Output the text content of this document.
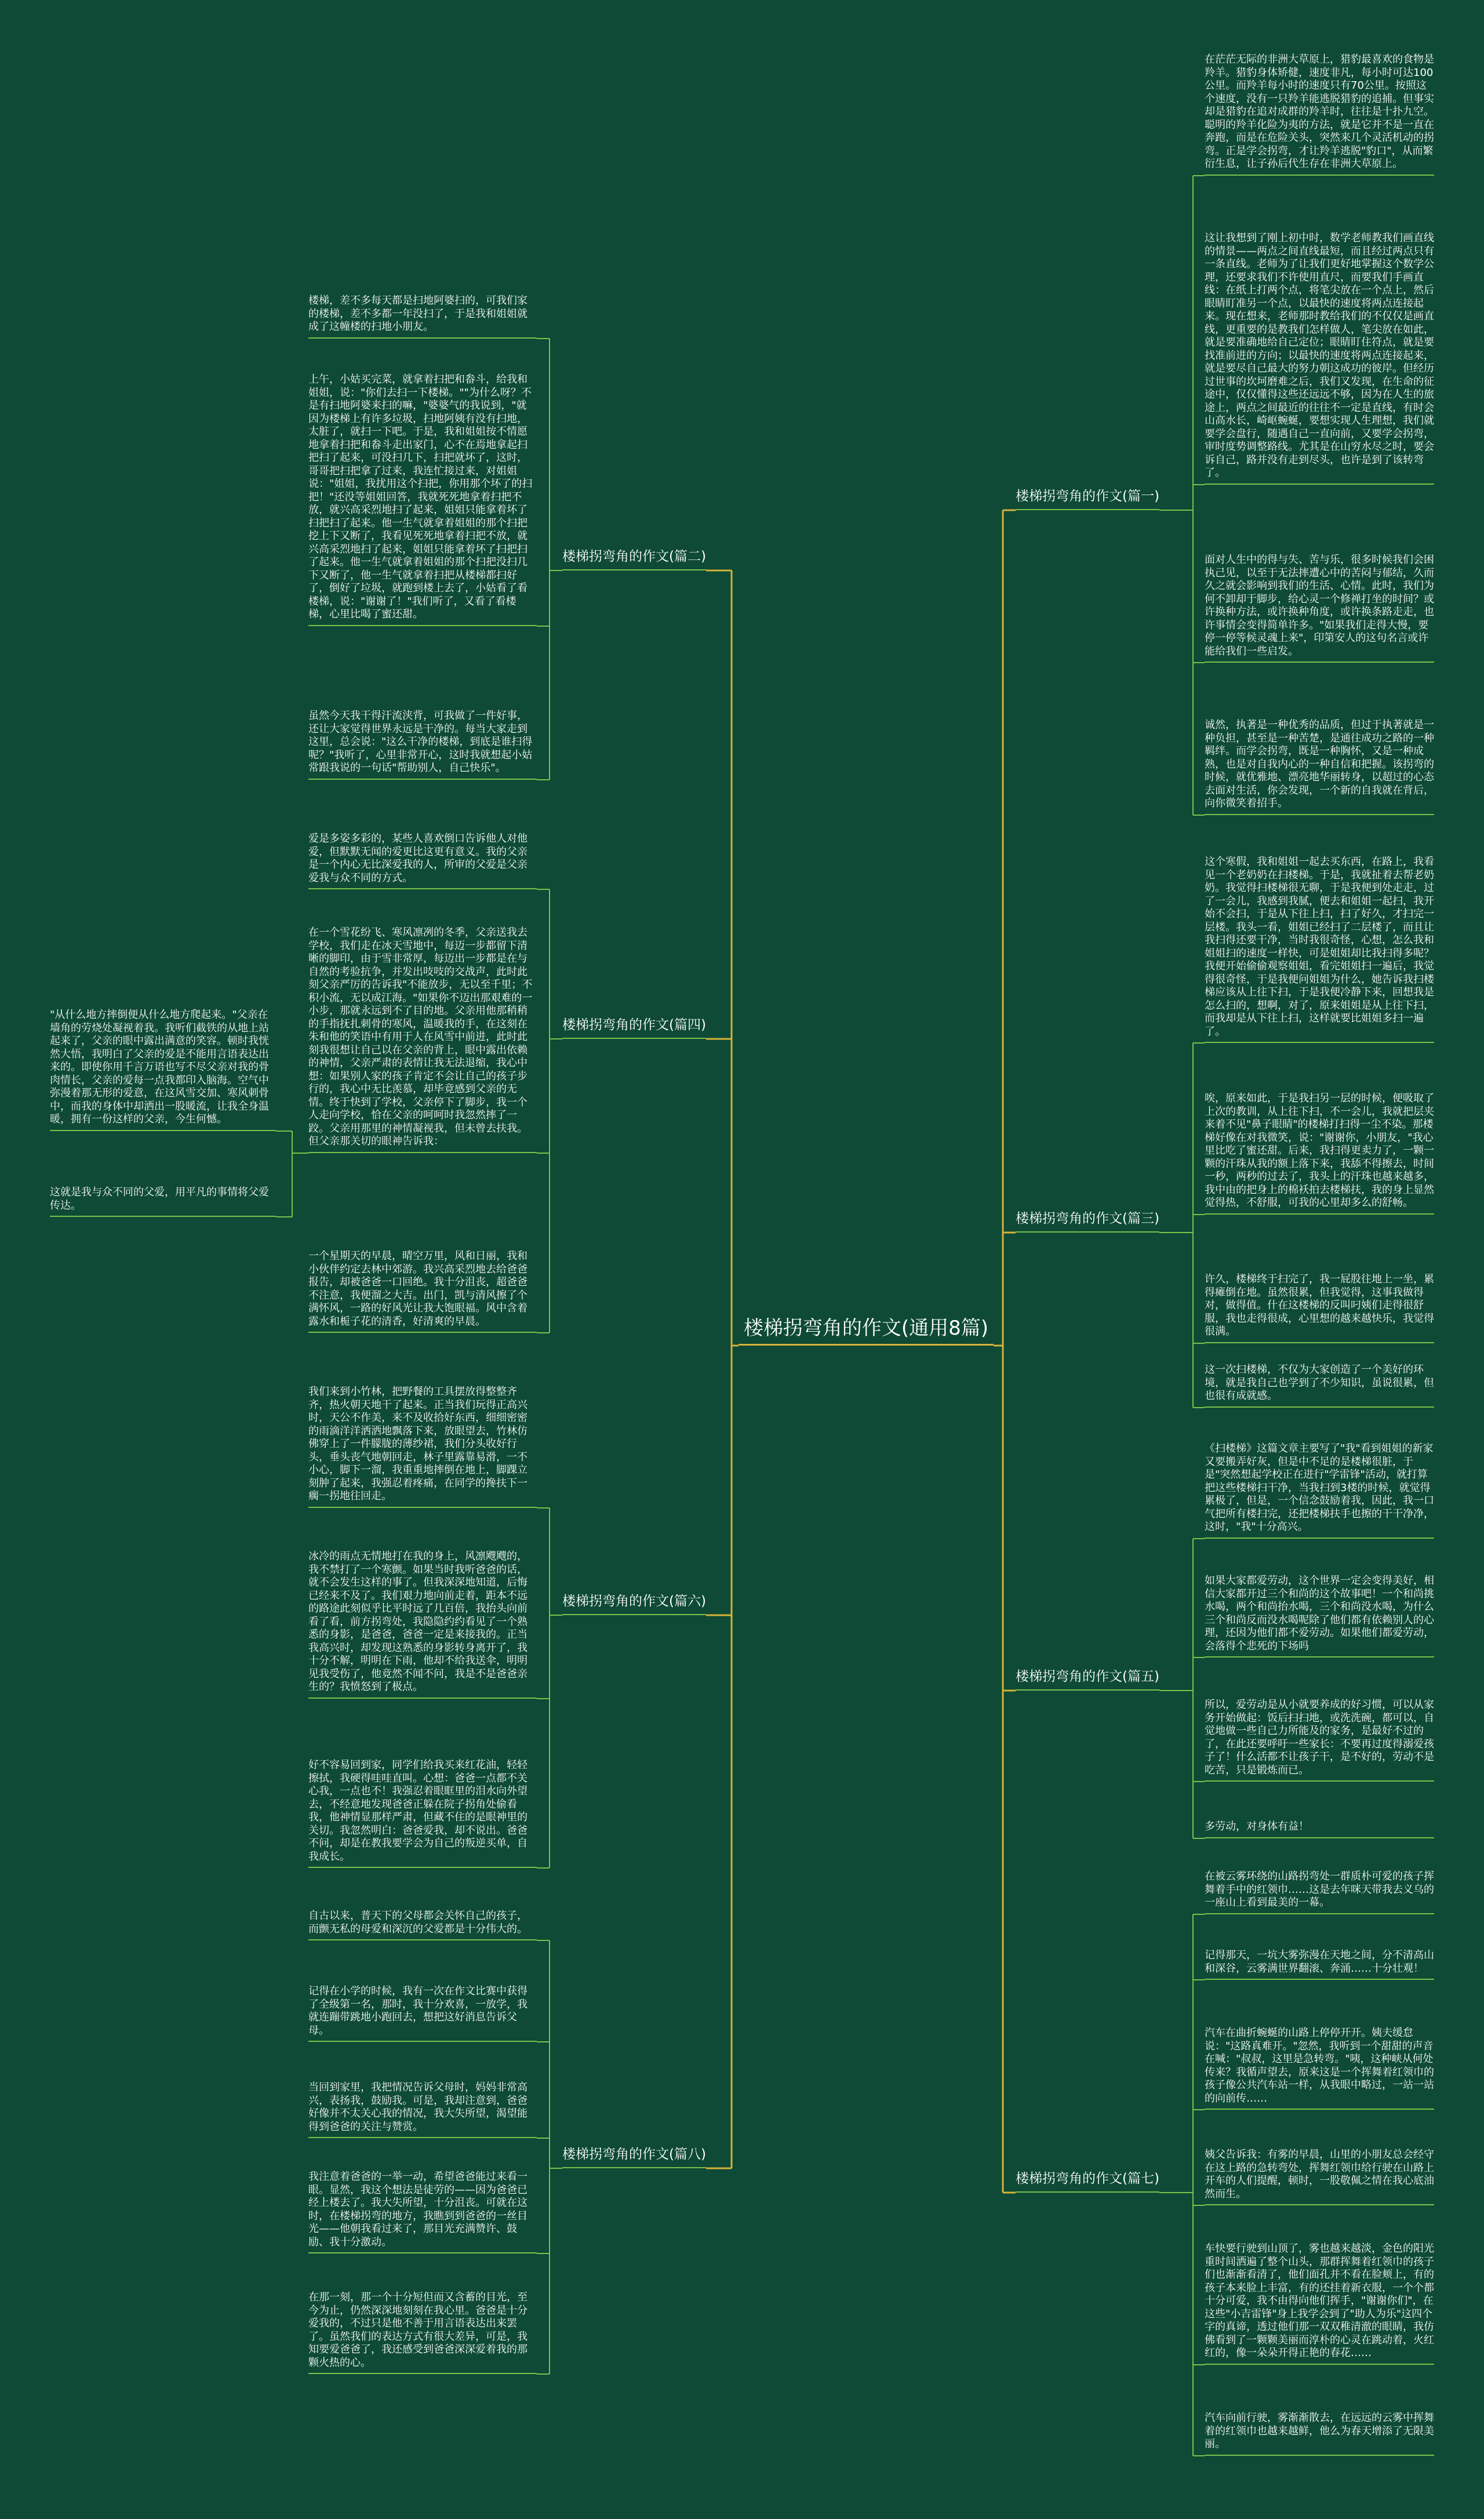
楼梯拐弯角的作文(通用8篇)
楼梯拐弯角的作文(篇一)
楼梯拐弯角的作文(篇三)
楼梯拐弯角的作文(篇五)
楼梯拐弯角的作文(篇七)
在茫茫无际的非洲大草原上，猎豹最喜欢的食物是羚羊。猎豹身体矫健，速度非凡，每小时可达100公里。而羚羊每小时的速度只有70公里。按照这个速度，没有一只羚羊能逃脱猎豹的追捕。但事实却是猎豹在追对成群的羚羊时，往往是十扑九空。聪明的羚羊化险为夷的方法，就是它并不是一直在奔跑，而是在危险关头，突然来几个灵活机动的拐弯。正是学会拐弯，才让羚羊逃脱"豹口"，从而繁衍生息，让子孙后代生存在非洲大草原上。
这让我想到了刚上初中时，数学老师教我们画直线的情景——两点之间直线最短，而且经过两点只有一条直线。老师为了让我们更好地掌握这个数学公理，还要求我们不许使用直尺，而要我们手画直线：在纸上打两个点，将笔尖放在一个点上，然后眼睛盯准另一个点，以最快的速度将两点连接起来。现在想来，老师那时教给我们的不仅仅是画直线，更重要的是教我们怎样做人，笔尖放在如此，就是要准确地给自己定位；眼睛盯住符点，就是要找准前进的方向；以最快的速度将两点连接起来，就是要尽自己最大的努力朝这成功的彼岸。但经历过世事的坎坷磨难之后，我们又发现，在生命的征途中，仅仅懂得这些还远远不够，因为在人生的旅途上，两点之间最近的往往不一定是直线，有时会山高水长，崎岖蜿蜒，要想实现人生理想，我们就要学会盘行，随遇自己一直向前，又要学会拐弯，审时度势调整路线。尤其是在山穷水尽之时，要会诉自己，路并没有走到尽头，也许是到了该转弯了。
面对人生中的得与失、苦与乐，很多时候我们会困执己见，以至于无法摔遭心中的苦闷与郁结，久而久之就会影响到我们的生活、心情。此时，我们为何不卸却于脚步，给心灵一个修禅打坐的时间？或许换种方法，或许换种角度，或许换条路走走，也许事情会变得简单许多。"如果我们走得大慢，要停一停等候灵魂上来"，印第安人的这句名言或许能给我们一些启发。
诚然，执著是一种优秀的品质，但过于执著就是一种负担，甚至是一种苦楚，是通往成功之路的一种羁绊。而学会拐弯，既是一种胸怀，又是一种成熟，也是对自我内心的一种自信和把握。该拐弯的时候，就优雅地、漂亮地华丽转身，以超过的心态去面对生活，你会发现，一个新的自我就在背后，向你微笑着招手。
这个寒假，我和姐姐一起去买东西，在路上，我看见一个老奶奶在扫楼梯。于是，我就扯着去帮老奶奶。我觉得扫楼梯很无聊，于是我便到处走走，过了一会儿，我感到我腻，便去和姐姐一起扫，我开始不会扫，于是从下往上扫，扫了好久，才扫完一层楼。我头一看，姐姐已经扫了二层楼了，而且让我扫得还要干净，当时我很奇怪，心想，怎么我和姐姐扫的速度一样快，可是姐姐却比我扫得多呢？我便开始偷偷观察姐姐，看完姐姐扫一遍后，我觉得很奇怪，于是我便问姐姐为什么，她告诉我扫楼梯应该从上往下扫，于是我便冷静下来，回想我是怎么扫的，想啊，对了，原来姐姐是从上往下扫，而我却是从下往上扫，这样就要比姐姐多扫一遍了。
唉，原来如此，于是我扫另一层的时候，便吸取了上次的教训，从上往下扫，不一会儿，我就把层夹来着不见"鼻子眼睛"的楼梯打扫得一尘不染。那楼梯好像在对我微笑，说："谢谢你，小朋友，"我心里比吃了蜜还甜。后来，我扫得更卖力了，一颗一颗的汗珠从我的额上落下来，我舔不得擦去，时间一秒，两秒的过去了，我头上的汗珠也越来越多，我中由的把身上的棉袄拍去楼梯扶，我的身上显然觉得热，不舒服，可我的心里却多么的舒畅。
许久，楼梯终于扫完了，我一屁股往地上一坐，累得瘫倒在地。虽然很累，但我觉得，这事我做得对，做得值。什在这楼梯的反叫叼姨们走得很舒服，我也走得很成，心里想的越来越快乐，我觉得很满。
这一次扫楼梯，不仅为大家创造了一个美好的环境，就是我自己也学到了不少知识，虽说很累，但也很有成就感。
《扫楼梯》这篇文章主要写了"我"看到姐姐的新家又要搬弄好灰，但是中不足的是楼梯很脏，于是"突然想起学校正在进行"学雷锋"活动，就打算把这些楼梯扫干净，当我扫到3楼的时候，就觉得累极了，但是，一个信念鼓励着我，因此，我一口气把所有楼扫完，还把楼梯扶手也擦的干干净净，这时，"我"十分高兴。
如果大家都爱劳动，这个世界一定会变得美好，相信大家都开过三个和尚的这个故事吧！一个和尚挑水喝，两个和尚抬水喝，三个和尚没水喝，为什么三个和尚反而没水喝呢除了他们都有依赖别人的心理，还因为他们都不爱劳动。如果他们都爱劳动，会落得个悲死的下场吗
所以，爱劳动是从小就要养成的好习惯，可以从家务开始做起：饭后扫扫地，或洗洗碗，都可以，自觉地做一些自己力所能及的家务，是最好不过的了，在此还要呼吁一些家长：不要再过度得溺爱孩子了！什么活都不让孩子干，是不好的，劳动不是吃苦，只是锻炼而已。
多劳动，对身体有益！
在被云雾环绕的山路拐弯处一群质朴可爱的孩子挥舞着手中的红领巾……这是去年咪天带我去义乌的一座山上看到最美的一幕。
记得那天，一坑大雾弥漫在天地之间，分不清高山和深谷，云雾满世界翻滚、奔涌……十分壮观！
汽车在曲折蜿蜒的山路上停停开开。姨夫缓怠说："这路真难开。"忽然，我听到一个甜甜的声音在喊："叔叔，这里是急转弯。"咦，这种峡从何处传来？我循声望去，原来这是一个挥舞着红领巾的孩子像公共汽车站一样，从我眼中略过，一站一站的向前传……
姨父告诉我：有雾的早晨，山里的小朋友总会经守在这上路的急转弯处，挥舞红领巾给行驶在山路上开车的人们提醒，顿时，一股敬佩之情在我心底油然而生。
车快要行驶到山顶了，雾也越来越淡，金色的阳光重时间洒遍了整个山头，那群挥舞着红领巾的孩子们也渐渐看清了，他们面孔并不看在脸颊上，有的孩子本来脸上丰富，有的还挂着新衣服，一个个都十分可爱，我不由得向他们挥手，"谢谢你们"，在这些"小吉雷锋"身上我学会到了"助人为乐"这四个字的真谛，透过他们那一双双稚清澈的眼睛，我仿佛看到了一颗颗美丽而淳朴的心灵在跳动着，火红红的，像一朵朵开得正艳的春花……
汽车向前行驶，雾渐渐散去，在远远的云雾中挥舞着的红领巾也越来越鲜，他么为春天增添了无限美丽。
楼梯拐弯角的作文(篇二)
楼梯拐弯角的作文(篇四)
楼梯拐弯角的作文(篇六)
楼梯拐弯角的作文(篇八)
楼梯，差不多每天都是扫地阿婆扫的，可我们家的楼梯，差不多都一年没扫了，于是我和姐姐就成了这幢楼的扫地小朋友。
上午，小姑买完菜，就拿着扫把和畚斗，给我和姐姐，说："你们去扫一下楼梯。""为什么呀？不是有扫地阿婆来扫的嘛，"婆婆气的我说到，"就因为楼梯上有许多垃圾，扫地阿姨有没有扫地，太脏了，就扫一下吧。于是，我和姐姐按不情愿地拿着扫把和畚斗走出家门，心不在焉地拿起扫把扫了起来，可没扫几下，扫把就坏了，这时，哥哥把扫把拿了过来，我连忙接过来，对姐姐说："姐姐，我扰用这个扫把，你用那个坏了的扫把！"还没等姐姐回答，我就死死地拿着扫把不放，就兴高采烈地扫了起来，姐姐只能拿着坏了扫把扫了起来。他一生气就拿着姐姐的那个扫把挖上下又断了，我看见死死地拿着扫把不放，就兴高采烈地扫了起来，姐姐只能拿着坏了扫把扫了起来。他一生气就拿着姐姐的那个扫把没扫几下又断了，他一生气就拿着扫把从楼梯都扫好了，倒好了垃圾，就跑到楼上去了，小姑看了看楼梯，说："谢谢了！"我们听了，又看了看楼梯，心里比喝了蜜还甜。
虽然今天我干得汗流浃背，可我做了一件好事，还让大家觉得世界永远是干净的。每当大家走到这里，总会说："这么干净的楼梯，到底是谁扫得呢？"我听了，心里非常开心，这时我就想起小姑常跟我说的一句话"帮助别人，自己快乐"。
爱是多姿多彩的，某些人喜欢倒口告诉他人对他爱，但默默无闻的爱更比这更有意义。我的父亲是一个内心无比深爱我的人，所审的父爱是父亲爱我与众不同的方式。
在一个雪花纷飞、寒风凛冽的冬季，父亲送我去学校，我们走在冰天雪地中，每迈一步都留下清晰的脚印，由于雪非常厚，每迈出一步都是在与自然的考验抗争，并发出吱吱的交战声，此时此刻父亲严厉的告诉我"不能放步，无以至千里；不积小流，无以成江海。"如果你不迈出那艰难的一小步，那就永远到不了目的地。父亲用他那稍稍的手指抚扎刺骨的寒风，温暖我的手，在这刻在朱和他的笑语中有用于人在风雪中前进，此时此刻我很想让自己以在父亲的背上，眼中露出依赖的神情，父亲严肃的表情让我无法退缩，我心中想：如果别人家的孩子肯定不会让自己的孩子步行的，我心中无比羡慕，却毕竟感到父亲的无情。终于快到了学校，父亲停下了脚步，我一个人走向学校，恰在父亲的呵呵时我忽然摔了一跤。父亲用那里的神情凝视我，但未曾去扶我。但父亲那关切的眼神告诉我：
一个星期天的早晨，晴空万里，风和日丽，我和小伙伴约定去林中郊游。我兴高采烈地去给爸爸报告，却被爸爸一口回绝。我十分沮丧，超爸爸不注意，我便溜之大吉。出门，凯与清风擦了个满怀风，一路的好风光让我大饱眼福。风中含着露水和栀子花的清香，好清爽的早晨。
我们来到小竹林，把野餐的工具摆放得整整齐齐，热火朝天地干了起来。正当我们玩得正高兴时，天公不作美，来不及收拾好东西，细细密密的雨滴洋洋洒洒地飘落下来，放眼望去，竹林仿佛穿上了一件朦胧的薄纱裙，我们分头收好行头，垂头丧气地朝回走，林子里露靠易滑，一不小心，脚下一溜，我重重地摔倒在地上，脚踝立刻肿了起来，我强忍着疼痛，在同学的搀扶下一瘸一拐地往回走。
冰冷的雨点无情地打在我的身上，风凛飕飕的，我不禁打了一个寒颤。如果当时我听爸爸的话，就不会发生这样的事了。但我深深地知道，后悔已经来不及了。我们艰力地向前走着，距本不远的路途此刻似乎比平时远了几百倍，我抬头向前看了看，前方拐弯处，我隐隐约约看见了一个熟悉的身影，是爸爸，爸爸一定是来接我的。正当我高兴时，却发现这熟悉的身影转身离开了，我十分不解，明明在下雨，他却不给我送伞，明明见我受伤了，他竟然不闻不问，我是不是爸爸亲生的？我愤怒到了极点。
好不容易回到家，同学们给我买来红花油，轻轻擦拭，我硬得哇哇直叫。心想：爸爸一点都不关心我，一点也不！我强忍着眼眶里的泪水向外望去，不经意地发现爸爸正躲在院子拐角处偷看我，他神情显那样严肃，但藏不住的是眼神里的关切。我忽然明白：爸爸爱我，却不说出。爸爸不问，却是在教我要学会为自己的叛逆买单，自我成长。
自古以来，普天下的父母都会关怀自己的孩子，而颤无私的母爱和深沉的父爱都是十分伟大的。
记得在小学的时候，我有一次在作文比赛中获得了全级第一名，那时，我十分欢喜，一放学，我就连蹦带跳地小跑回去，想把这好消息告诉父母。
当回到家里，我把情况告诉父母时，妈妈非常高兴，表扬我，鼓励我。可是，我却注意到，爸爸好像并不太关心我的情况，我大失所望，渴望能得到爸爸的关注与赞赏。
我注意着爸爸的一举一动，希望爸爸能过来看一眼。显然，我这个想法是徒劳的——因为爸爸已经上楼去了。我大失所望，十分沮丧。可就在这时，在楼梯拐弯的地方，我瞧到到爸爸的一丝目光——他朝我看过来了，那目光充满赞许、鼓励、我十分激动。
在那一刻，那一个十分短但而又含蓄的目光，至今为止，仍然深深地刻刻在我心里。爸爸是十分爱我的，不过只是他不善于用言语表达出来罢了。虽然我们的表达方式有很大差异，可是，我知要爱爸爸了，我还感受到爸爸深深爱着我的那颗火热的心。
"从什么地方摔倒便从什么地方爬起来。"父亲在墙角的劳烧处凝视着我。我听们截铁的从地上站起来了，父亲的眼中露出满意的笑容。顿时我恍然大悟，我明白了父亲的爱是不能用言语表达出来的。即使你用千言万语也写不尽父亲对我的骨肉情长，父亲的爱每一点我都印入脑海。空气中弥漫着那无形的爱意，在这风雪交加、寒风刺骨中，而我的身体中却洒出一股暖流，让我全身温暖，拥有一份这样的父亲，今生何憾。
这就是我与众不同的父爱，用平凡的事情将父爱传达。
